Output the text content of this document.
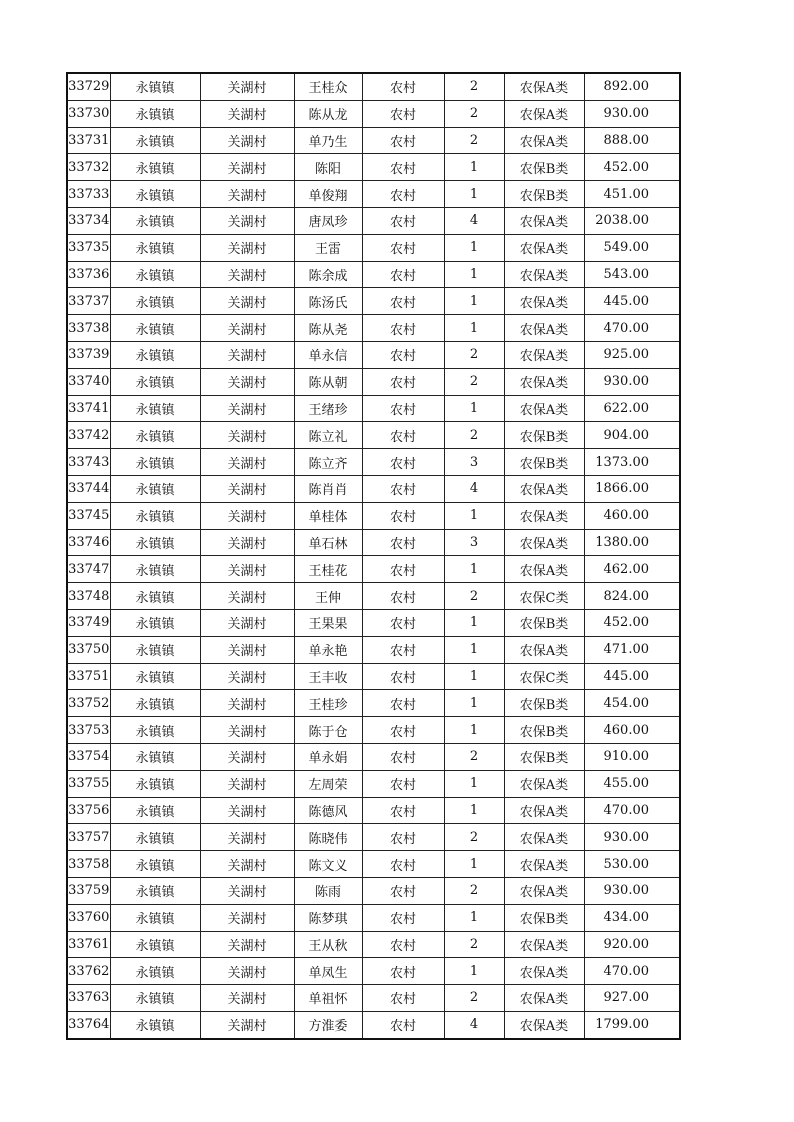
33729	永镇镇	关湖村	王桂众	农村	2	农保A类	892.00
33730	永镇镇	关湖村	陈从龙	农村	2	农保A类	930.00
33731	永镇镇	关湖村	单乃生	农村	2	农保A类	888.00
33732	永镇镇	关湖村	陈阳	农村	1	农保B类	452.00
33733	永镇镇	关湖村	单俊翔	农村	1	农保B类	451.00
33734	永镇镇	关湖村	唐凤珍	农村	4	农保A类	2038.00
33735	永镇镇	关湖村	王雷	农村	1	农保A类	549.00
33736	永镇镇	关湖村	陈余成	农村	1	农保A类	543.00
33737	永镇镇	关湖村	陈汤氏	农村	1	农保A类	445.00
33738	永镇镇	关湖村	陈从尧	农村	1	农保A类	470.00
33739	永镇镇	关湖村	单永信	农村	2	农保A类	925.00
33740	永镇镇	关湖村	陈从朝	农村	2	农保A类	930.00
33741	永镇镇	关湖村	王绪珍	农村	1	农保A类	622.00
33742	永镇镇	关湖村	陈立礼	农村	2	农保B类	904.00
33743	永镇镇	关湖村	陈立齐	农村	3	农保B类	1373.00
33744	永镇镇	关湖村	陈肖肖	农村	4	农保A类	1866.00
33745	永镇镇	关湖村	单桂体	农村	1	农保A类	460.00
33746	永镇镇	关湖村	单石林	农村	3	农保A类	1380.00
33747	永镇镇	关湖村	王桂花	农村	1	农保A类	462.00
33748	永镇镇	关湖村	王伸	农村	2	农保C类	824.00
33749	永镇镇	关湖村	王果果	农村	1	农保B类	452.00
33750	永镇镇	关湖村	单永艳	农村	1	农保A类	471.00
33751	永镇镇	关湖村	王丰收	农村	1	农保C类	445.00
33752	永镇镇	关湖村	王桂珍	农村	1	农保B类	454.00
33753	永镇镇	关湖村	陈于仓	农村	1	农保B类	460.00
33754	永镇镇	关湖村	单永娟	农村	2	农保B类	910.00
33755	永镇镇	关湖村	左周荣	农村	1	农保A类	455.00
33756	永镇镇	关湖村	陈德风	农村	1	农保A类	470.00
33757	永镇镇	关湖村	陈晓伟	农村	2	农保A类	930.00
33758	永镇镇	关湖村	陈文义	农村	1	农保A类	530.00
33759	永镇镇	关湖村	陈雨	农村	2	农保A类	930.00
33760	永镇镇	关湖村	陈梦琪	农村	1	农保B类	434.00
33761	永镇镇	关湖村	王从秋	农村	2	农保A类	920.00
33762	永镇镇	关湖村	单凤生	农村	1	农保A类	470.00
33763	永镇镇	关湖村	单祖怀	农村	2	农保A类	927.00
33764	永镇镇	关湖村	方淮委	农村	4	农保A类	1799.00
